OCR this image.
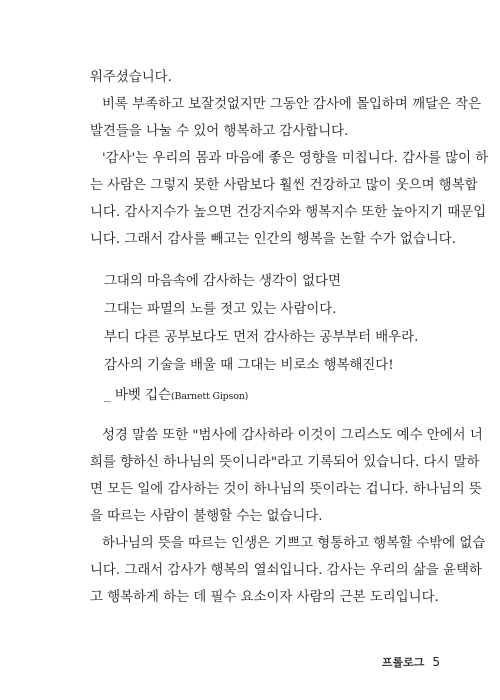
워주셨습니다.
비록 부족하고 보잘것없지만 그동안 감사에 몰입하며 깨달은 작은
발견들을 나눌 수 있어 행복하고 감사합니다.
'감사'는 우리의 몸과 마음에 좋은 영향을 미칩니다. 감사를 많이 하
는 사람은 그렇지 못한 사람보다 훨씬 건강하고 많이 웃으며 행복합
니다. 감사지수가 높으면 건강지수와 행복지수 또한 높아지기 때문입
니다. 그래서 감사를 빼고는 인간의 행복을 논할 수가 없습니다.
그대의 마음속에 감사하는 생각이 없다면
그대는 파멸의 노를 젓고 있는 사람이다.
부디 다른 공부보다도 먼저 감사하는 공부부터 배우라.
감사의 기술을 배울 때 그대는 비로소 행복해진다!
_ 바벳 깁슨(Barnett Gipson)
성경 말씀 또한 "범사에 감사하라 이것이 그리스도 예수 안에서 너
희를 향하신 하나님의 뜻이니라"라고 기록되어 있습니다. 다시 말하
면 모든 일에 감사하는 것이 하나님의 뜻이라는 겁니다. 하나님의 뜻
을 따르는 사람이 불행할 수는 없습니다.
하나님의 뜻을 따르는 인생은 기쁘고 형통하고 행복할 수밖에 없습
니다. 그래서 감사가 행복의 열쇠입니다. 감사는 우리의 삶을 윤택하
고 행복하게 하는 데 필수 요소이자 사람의 근본 도리입니다.
프롤로그 5
